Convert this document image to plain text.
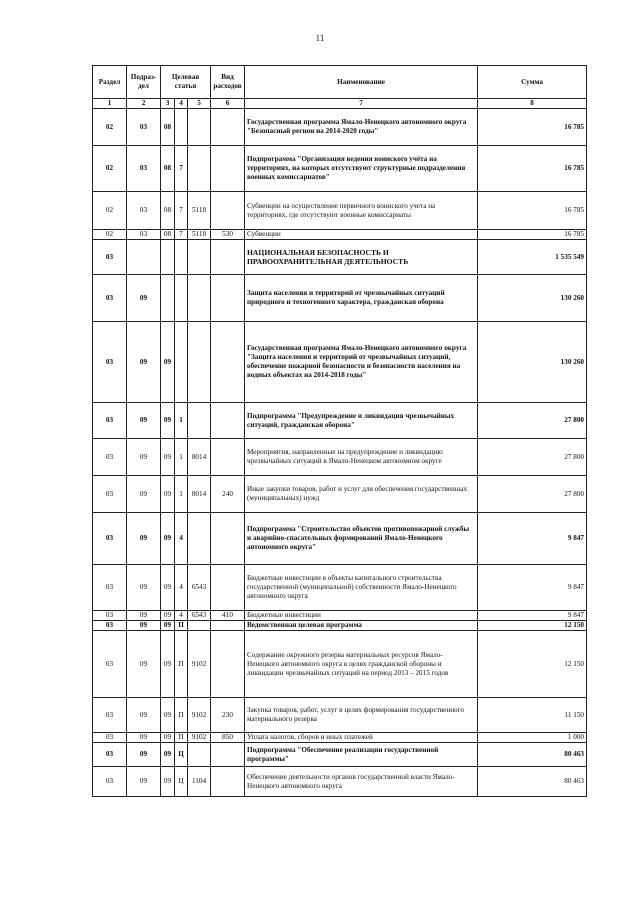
11
Раздел	Подраз-дел	Целевая статья			Вид расходов	Наименование	Сумма
1	2	3	4	5	6	7	8
02	03	08				Государственная программа Ямало-Ненецкого автономного округа "Безопасный регион на 2014-2020 годы"	16 785
02	03	08	7			Подпрограмма "Организация ведения воинского учёта на территориях, на которых отсутствуют структурные подразделения военных комиссариатов"	16 785
02	03	08	7	5118		Субвенции на осуществление первичного воинского учета на территориях, где отсутствуют военные комиссариаты	16 785
02	03	08	7	5118	530	Субвенции	16 785
03						НАЦИОНАЛЬНАЯ БЕЗОПАСНОСТЬ И ПРАВООХРАНИТЕЛЬНАЯ ДЕЯТЕЛЬНОСТЬ	1 535 549
03	09					Защита населения и территорий от чрезвычайных ситуаций природного и техногенного характера, гражданская оборона	130 260
03	09	09				Государственная программа Ямало-Ненецкого автономного округа "Защита населения и территорий от чрезвычайных ситуаций, обеспечение пожарной безопасности и безопасности населения на водных объектах на 2014-2018 годы"	130 260
03	09	09	1			Подпрограмма "Предупреждение и ликвидация чрезвычайных ситуаций, гражданская оборона"	27 800
03	09	09	1	8014		Мероприятия, направленные на предупреждение и ликвидацию чрезвычайных ситуаций в Ямало-Ненецком автономном округе	27 800
03	09	09	1	8014	240	Иные закупки товаров, работ и услуг для обеспечения государственных (муниципальных) нужд	27 800
03	09	09	4			Подпрограмма "Строительство объектов противопожарной службы и аварийно-спасательных формирований Ямало-Ненецкого автономного округа"	9 847
03	09	09	4	6543		Бюджетные инвестиции в объекты капитального строительства государственной (муниципальной) собственности Ямало-Ненецкого автономного округа	9 847
03	09	09	4	6543	410	Бюджетные инвестиции	9 847
03	09	09	П			Ведомственная целевая программа	12 150
03	09	09	П	9102		Содержание окружного резерва материальных ресурсов Ямало-Ненецкого автономного округа в целях гражданской обороны и ликвидации чрезвычайных ситуаций на период 2013 – 2015 годов	12 150
03	09	09	П	9102	230	Закупка товаров, работ, услуг в целях формирования государственного материального резерва	11 150
03	09	09	П	9102	850	Уплата налогов, сборов и иных платежей	1 000
03	09	09	Ц			Подпрограмма "Обеспечение реализации государственной программы"	80 463
03	09	09	Ц	1104		Обеспечение деятельности органов государственной власти Ямало-Ненецкого автономного округа	80 463
